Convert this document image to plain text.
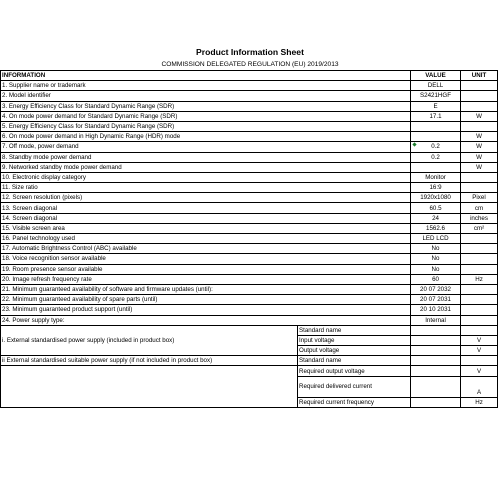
Product Information Sheet
COMMISSION DELEGATED REGULATION (EU) 2019/2013
INFORMATION		VALUE	UNIT
1. Supplier name or trademark		DELL	
2. Model identifier		S2421HGF	
3. Energy Efficiency Class for Standard Dynamic Range (SDR)		E	
4. On mode power demand for Standard Dynamic Range (SDR)		17.1	W
5. Energy Efficiency Class for Standard Dynamic Range (SDR)			
6. On mode power demand in High Dynamic Range (HDR) mode			W
7. Off mode, power demand		0.2	W
8. Standby mode power demand		0.2	W
9. Networked standby mode power demand			W
10. Electronic display category		Monitor	
11. Size ratio		16:9	
12. Screen resolution (pixels)		1920x1080	Pixel
13. Screen diagonal		60.5	cm
14. Screen diagonal		24	inches
15. Visible screen area		1562.6	cm²
16. Panel technology used		LED LCD	
17. Automatic Brightness Control (ABC) available		No	
18. Voice recognition sensor available		No	
19. Room presence sensor available		No	
20. Image refresh frequency rate		60	Hz
21. Minimum guaranteed availability of software and firmware updates (until):		20 07 2032	
22. Minimum guaranteed availability of spare parts (until)		20 07 2031	
23. Minimum guaranteed product support (until)		20 10 2031	
24. Power supply type:		Internal	
i. External standardised power supply (included in product box)	Standard name		
	Input voltage		V
	Output voltage		V
ii External standardised suitable power supply (if not included in product box)	Standard name		
	Required output voltage		V
	Required delivered current		A
	Required current frequency		Hz
